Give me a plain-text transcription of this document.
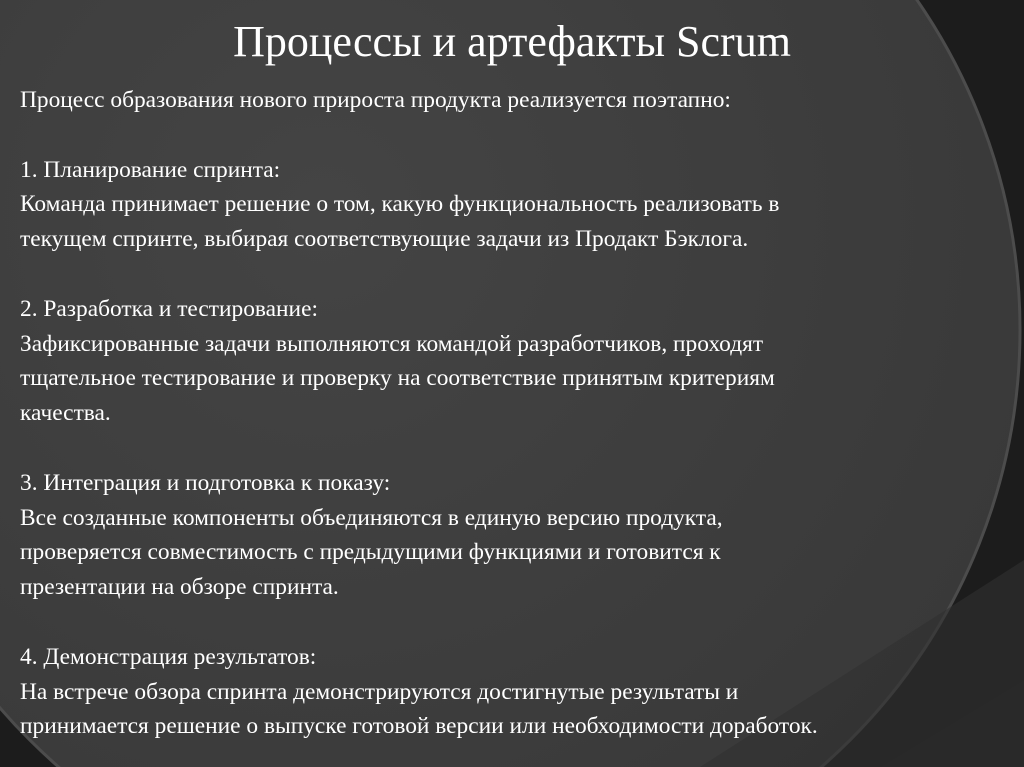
Процессы и артефакты Scrum
Процесс образования нового прироста продукта реализуется поэтапно:
1. Планирование спринта:
Команда принимает решение о том, какую функциональность реализовать в
текущем спринте, выбирая соответствующие задачи из Продакт Бэклога.
2. Разработка и тестирование:
Зафиксированные задачи выполняются командой разработчиков, проходят
тщательное тестирование и проверку на соответствие принятым критериям
качества.
3. Интеграция и подготовка к показу:
Все созданные компоненты объединяются в единую версию продукта,
проверяется совместимость с предыдущими функциями и готовится к
презентации на обзоре спринта.
4. Демонстрация результатов:
На встрече обзора спринта демонстрируются достигнутые результаты и
принимается решение о выпуске готовой версии или необходимости доработок.
